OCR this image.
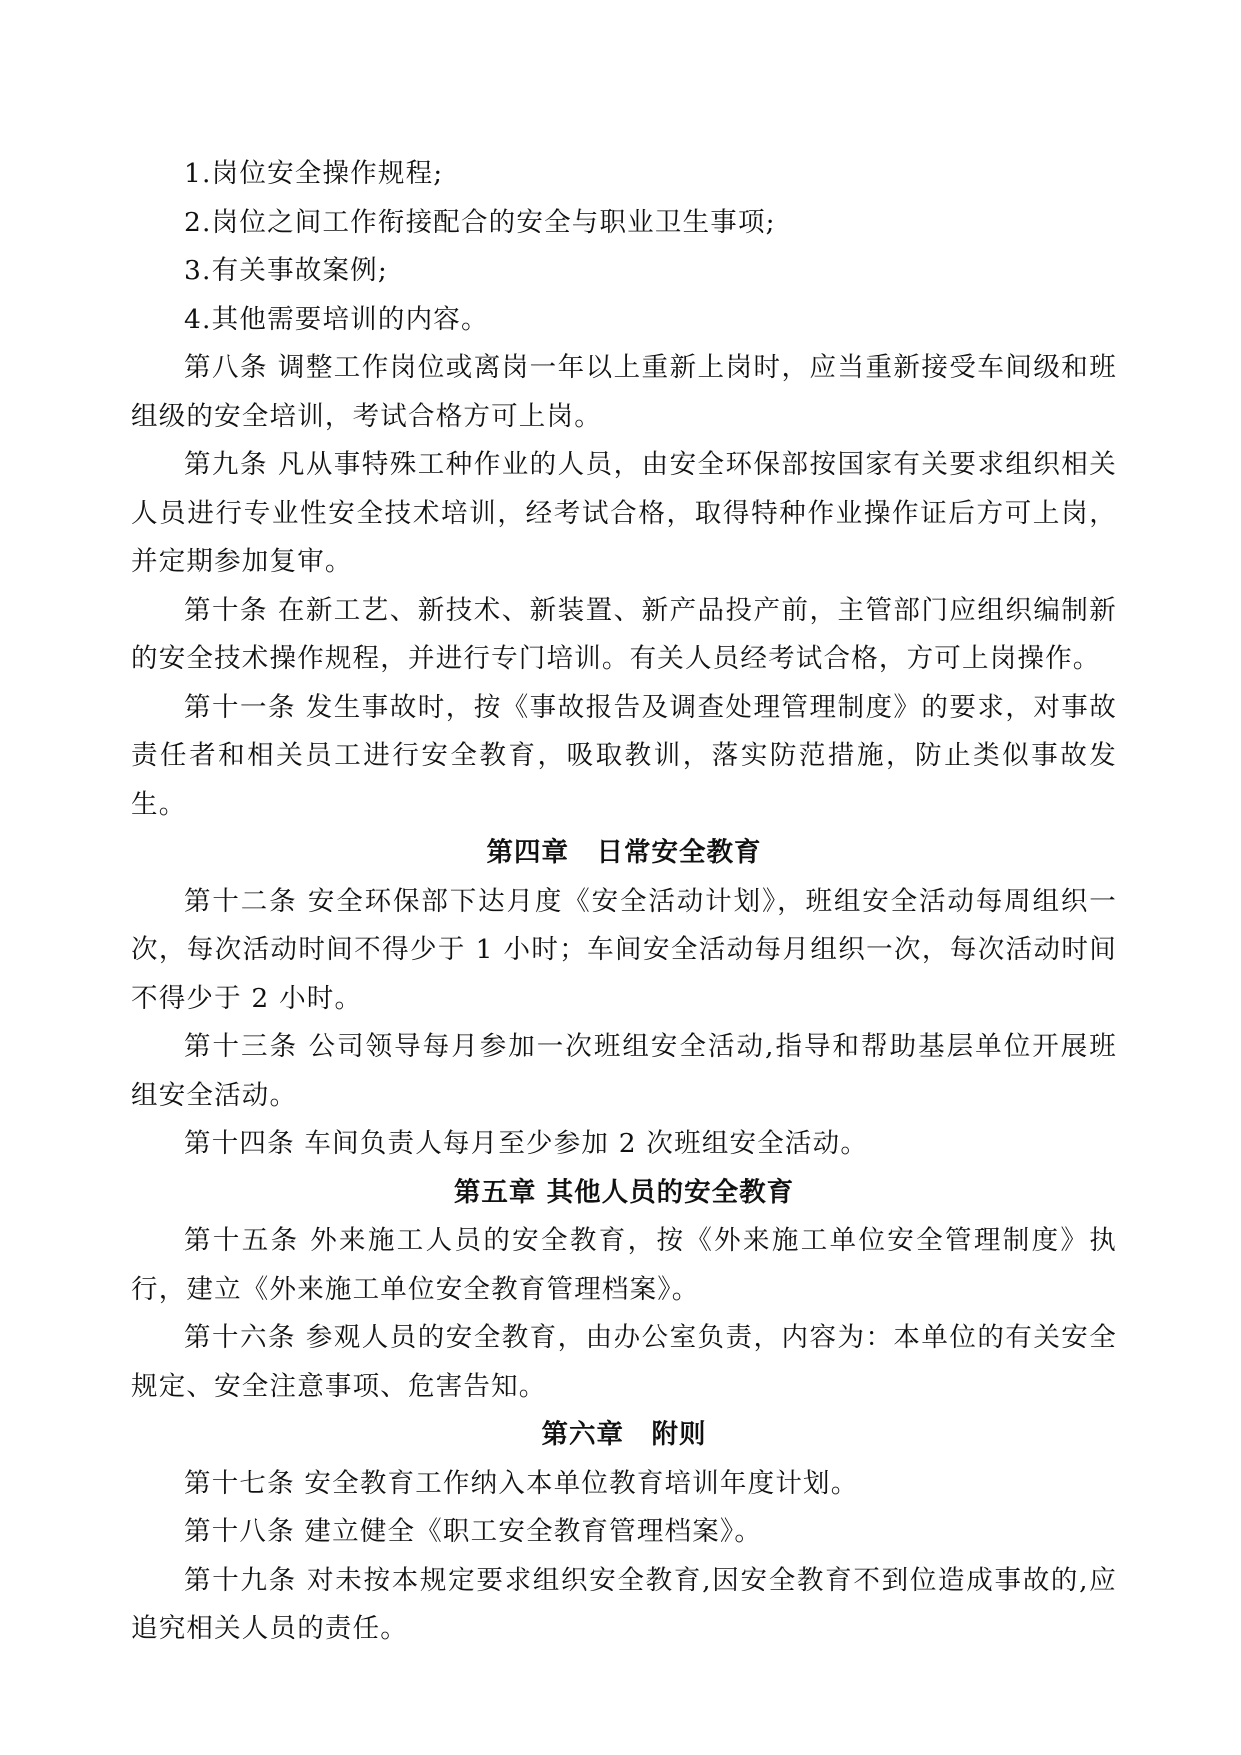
1.岗位安全操作规程;

2.岗位之间工作衔接配合的安全与职业卫生事项;

3.有关事故案例;

4.其他需要培训的内容。

第八条 调整工作岗位或离岗一年以上重新上岗时，应当重新接受车间级和班组级的安全培训，考试合格方可上岗。

第九条 凡从事特殊工种作业的人员，由安全环保部按国家有关要求组织相关人员进行专业性安全技术培训，经考试合格，取得特种作业操作证后方可上岗，并定期参加复审。

第十条 在新工艺、新技术、新装置、新产品投产前，主管部门应组织编制新的安全技术操作规程，并进行专门培训。有关人员经考试合格，方可上岗操作。

第十一条 发生事故时，按《事故报告及调查处理管理制度》的要求，对事故责任者和相关员工进行安全教育，吸取教训，落实防范措施，防止类似事故发生。

第四章　日常安全教育

第十二条 安全环保部下达月度《安全活动计划》，班组安全活动每周组织一次，每次活动时间不得少于 1 小时；车间安全活动每月组织一次，每次活动时间不得少于 2 小时。

第十三条 公司领导每月参加一次班组安全活动,指导和帮助基层单位开展班组安全活动。

第十四条 车间负责人每月至少参加 2 次班组安全活动。

第五章 其他人员的安全教育

第十五条 外来施工人员的安全教育，按《外来施工单位安全管理制度》执行，建立《外来施工单位安全教育管理档案》。

第十六条 参观人员的安全教育，由办公室负责，内容为：本单位的有关安全规定、安全注意事项、危害告知。

第六章　附则

第十七条 安全教育工作纳入本单位教育培训年度计划。

第十八条 建立健全《职工安全教育管理档案》。

第十九条 对未按本规定要求组织安全教育,因安全教育不到位造成事故的,应追究相关人员的责任。
